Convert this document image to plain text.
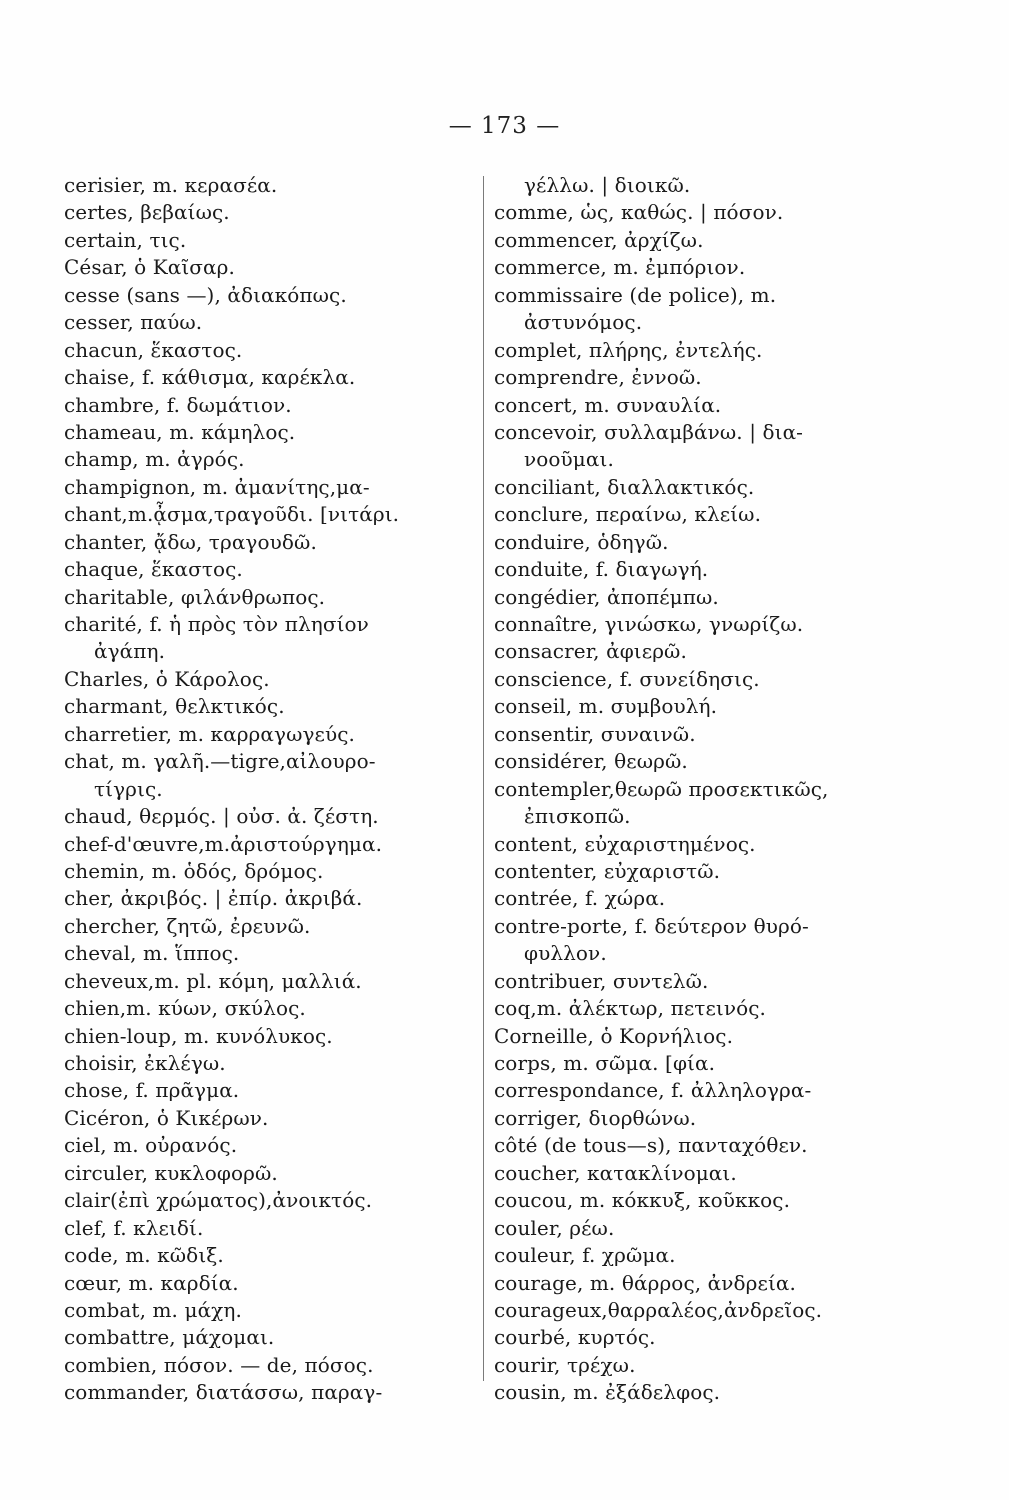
— 173 —
cerisier, m. κερασέα.
certes, βεβαίως.
certain, τις.
César, ὁ Καῖσαρ.
cesse (sans —), ἀδιακόπως.
cesser, παύω.
chacun, ἕκαστος.
chaise, f. κάθισμα, καρέκλα.
chambre, f. δωμάτιον.
chameau, m. κάμηλος.
champ, m. ἀγρός.
champignon, m. ἀμανίτης,μα-
chant,m.ᾆσμα,τραγοῦδι. [νιτάρι.
chanter, ᾄδω, τραγουδῶ.
chaque, ἕκαστος.
charitable, φιλάνθρωπος.
charité, f. ἡ πρὸς τὸν πλησίον
ἀγάπη.
Charles, ὁ Κάρολος.
charmant, θελκτικός.
charretier, m. καρραγωγεύς.
chat, m. γαλῆ.—tigre,αἰλουρο-
τίγρις.
chaud, θερμός. | οὐσ. ἀ. ζέστη.
chef-d'œuvre,m.ἀριστούργημα.
chemin, m. ὁδός, δρόμος.
cher, ἀκριβός. | ἐπίρ. ἀκριβά.
chercher, ζητῶ, ἐρευνῶ.
cheval, m. ἵππος.
cheveux,m. pl. κόμη, μαλλιά.
chien,m. κύων, σκύλος.
chien-loup, m. κυνόλυκος.
choisir, ἐκλέγω.
chose, f. πρᾶγμα.
Cicéron, ὁ Κικέρων.
ciel, m. οὐρανός.
circuler, κυκλοφορῶ.
clair(ἐπὶ χρώματος),ἀνοικτός.
clef, f. κλειδί.
code, m. κῶδιξ.
cœur, m. καρδία.
combat, m. μάχη.
combattre, μάχομαι.
combien, πόσον. — de, πόσος.
commander, διατάσσω, παραγ-
γέλλω. | διοικῶ.
comme, ὡς, καθώς. | πόσον.
commencer, ἀρχίζω.
commerce, m. ἐμπόριον.
commissaire (de police), m.
ἀστυνόμος.
complet, πλήρης, ἐντελής.
comprendre, ἐννοῶ.
concert, m. συναυλία.
concevoir, συλλαμβάνω. | δια-
νοοῦμαι.
conciliant, διαλλακτικός.
conclure, περαίνω, κλείω.
conduire, ὁδηγῶ.
conduite, f. διαγωγή.
congédier, ἀποπέμπω.
connaître, γινώσκω, γνωρίζω.
consacrer, ἀφιερῶ.
conscience, f. συνείδησις.
conseil, m. συμβουλή.
consentir, συναινῶ.
considérer, θεωρῶ.
contempler,θεωρῶ προσεκτικῶς,
ἐπισκοπῶ.
content, εὐχαριστημένος.
contenter, εὐχαριστῶ.
contrée, f. χώρα.
contre-porte, f. δεύτερον θυρό-
φυλλον.
contribuer, συντελῶ.
coq,m. ἀλέκτωρ, πετεινός.
Corneille, ὁ Κορνήλιος.
corps, m. σῶμα. [φία.
correspondance, f. ἀλληλογρα-
corriger, διορθώνω.
côté (de tous—s), πανταχόθεν.
coucher, κατακλίνομαι.
coucou, m. κόκκυξ, κοῦκκος.
couler, ρέω.
couleur, f. χρῶμα.
courage, m. θάρρος, ἀνδρεία.
courageux,θαρραλέος,ἀνδρεῖος.
courbé, κυρτός.
courir, τρέχω.
cousin, m. ἐξάδελφος.
